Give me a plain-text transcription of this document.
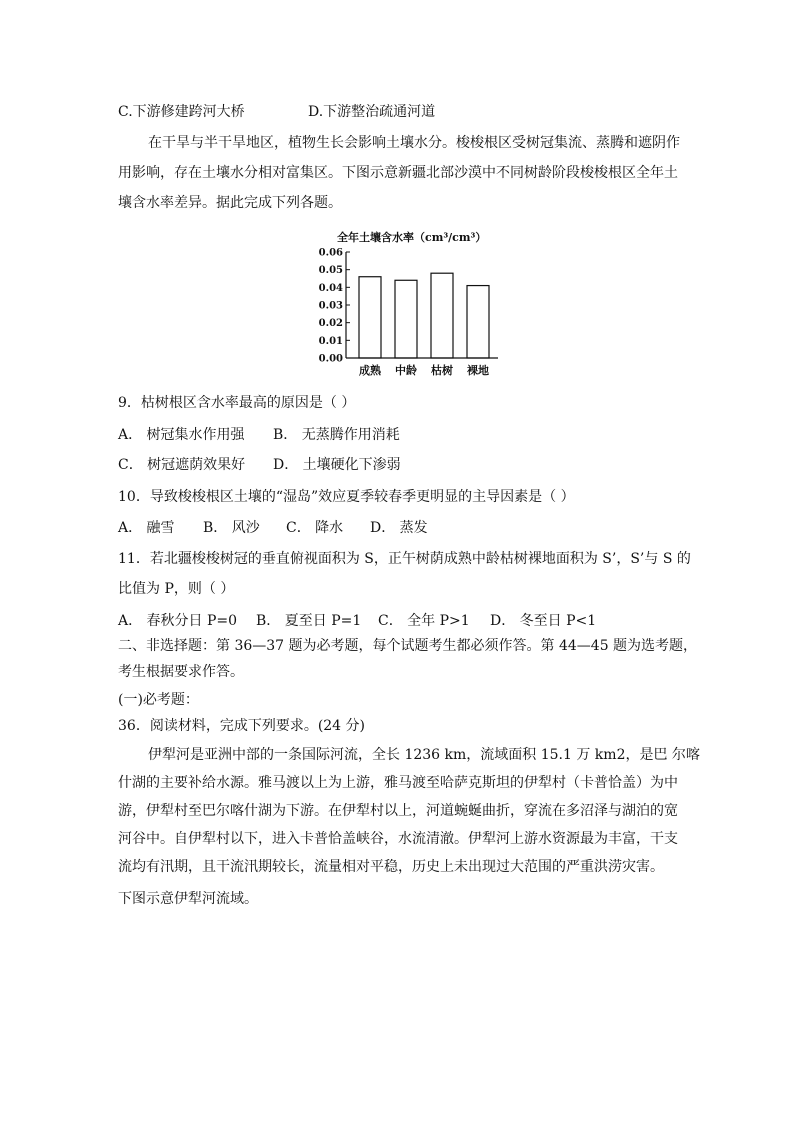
C.下游修建跨河大桥	D.下游整治疏通河道
在干旱与半干旱地区，植物生长会影响土壤水分。梭梭根区受树冠集流、蒸腾和遮阴作
用影响，存在土壤水分相对富集区。下图示意新疆北部沙漠中不同树龄阶段梭梭根区全年土
壤含水率差异。据此完成下列各题。
全年土壤含水率（cm³/cm³）
0.00
0.01
0.02
0.03
0.04
0.05
0.06
成熟 中龄 枯树 裸地
9．枯树根区含水率最高的原因是（ ）
A． 树冠集水作用强 B． 无蒸腾作用消耗
C． 树冠遮荫效果好 D． 土壤硬化下渗弱
10．导致梭梭根区土壤的“湿岛”效应夏季较春季更明显的主导因素是（ ）
A． 融雪 B． 风沙 C． 降水 D． 蒸发
11．若北疆梭梭树冠的垂直俯视面积为 S，正午树荫成熟中龄枯树裸地面积为 S’，S’与 S 的
比值为 P，则（ ）
A． 春秋分日 P=0 B． 夏至日 P=1 C． 全年 P>1 D． 冬至日 P<1
二、非选择题：第 36—37 题为必考题，每个试题考生都必须作答。第 44—45 题为选考题，
考生根据要求作答。
(一)必考题：
36．阅读材料，完成下列要求。(24 分)
伊犁河是亚洲中部的一条国际河流，全长 1236 km，流域面积 15.1 万 km2，是巴 尔喀
什湖的主要补给水源。雅马渡以上为上游，雅马渡至哈萨克斯坦的伊犁村（卡普恰盖）为中
游，伊犁村至巴尔喀什湖为下游。在伊犁村以上，河道蜿蜒曲折，穿流在多沼泽与湖泊的宽
河谷中。自伊犁村以下，进入卡普恰盖峡谷，水流清澈。伊犁河上游水资源最为丰富，干支
流均有汛期，且干流汛期较长，流量相对平稳，历史上未出现过大范围的严重洪涝灾害。
下图示意伊犁河流域。
